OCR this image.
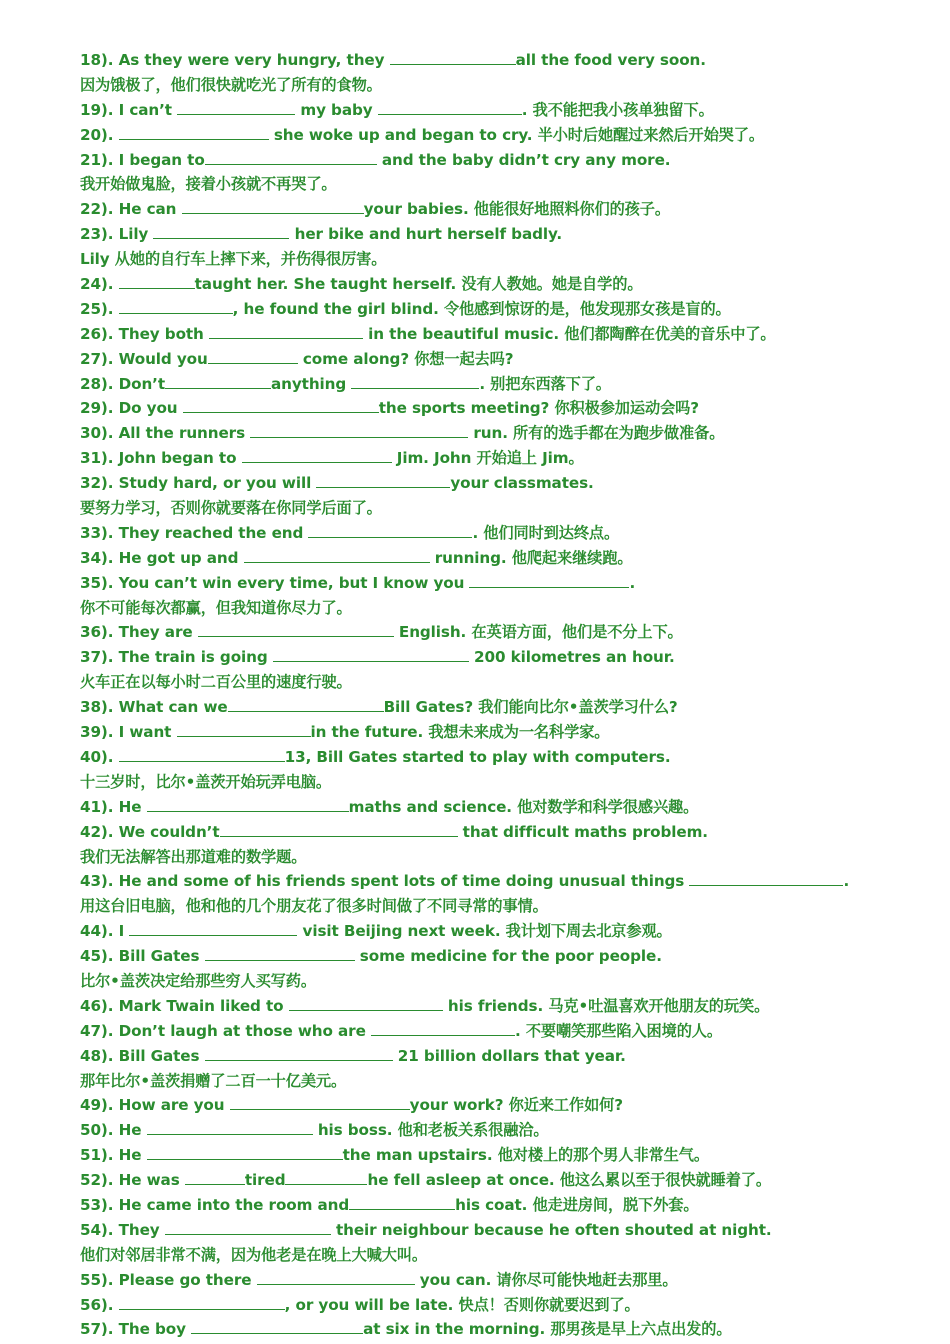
18). As they were very hungry, they	all the food very soon.
因为饿极了，他们很快就吃光了所有的食物。
19). I can’t	my baby	. 我不能把我小孩单独留下。
20).	she woke up and began to cry. 半小时后她醒过来然后开始哭了。
21). I began to	and the baby didn’t cry any more.
我开始做鬼脸，接着小孩就不再哭了。
22). He can	your babies. 他能很好地照料你们的孩子。
23). Lily	her bike and hurt herself badly.
Lily 从她的自行车上摔下来，并伤得很厉害。
24).	taught her. She taught herself. 没有人教她。她是自学的。
25).	, he found the girl blind. 令他感到惊讶的是，他发现那女孩是盲的。
26). They both	in the beautiful music. 他们都陶醉在优美的音乐中了。
27). Would you	come along? 你想一起去吗?
28). Don’t	anything	. 别把东西落下了。
29). Do you	the sports meeting? 你积极参加运动会吗?
30). All the runners	run. 所有的选手都在为跑步做准备。
31). John began to	Jim. John 开始追上 Jim。
32). Study hard, or you will	your classmates.
要努力学习，否则你就要落在你同学后面了。
33). They reached the end	. 他们同时到达终点。
34). He got up and	running. 他爬起来继续跑。
35). You can’t win every time, but I know you	.
你不可能每次都赢，但我知道你尽力了。
36). They are	English. 在英语方面，他们是不分上下。
37). The train is going	200 kilometres an hour.
火车正在以每小时二百公里的速度行驶。
38). What can we	Bill Gates? 我们能向比尔•盖茨学习什么?
39). I want	in the future. 我想未来成为一名科学家。
40).	13, Bill Gates started to play with computers.
十三岁时，比尔•盖茨开始玩弄电脑。
41). He	maths and science. 他对数学和科学很感兴趣。
42). We couldn’t	that difficult maths problem.
我们无法解答出那道难的数学题。
43). He and some of his friends spent lots of time doing unusual things	.
用这台旧电脑，他和他的几个朋友花了很多时间做了不同寻常的事情。
44). I	visit Beijing next week. 我计划下周去北京参观。
45). Bill Gates	some medicine for the poor people.
比尔•盖茨决定给那些穷人买写药。
46). Mark Twain liked to	his friends. 马克•吐温喜欢开他朋友的玩笑。
47). Don’t laugh at those who are	. 不要嘲笑那些陷入困境的人。
48). Bill Gates	21 billion dollars that year.
那年比尔•盖茨捐赠了二百一十亿美元。
49). How are you	your work? 你近来工作如何?
50). He	his boss. 他和老板关系很融洽。
51). He	the man upstairs. 他对楼上的那个男人非常生气。
52). He was	tired	he fell asleep at once. 他这么累以至于很快就睡着了。
53). He came into the room and	his coat. 他走进房间，脱下外套。
54). They	their neighbour because he often shouted at night.
他们对邻居非常不满，因为他老是在晚上大喊大叫。
55). Please go there	you can. 请你尽可能快地赶去那里。
56).	, or you will be late. 快点！否则你就要迟到了。
57). The boy	at six in the morning. 那男孩是早上六点出发的。
